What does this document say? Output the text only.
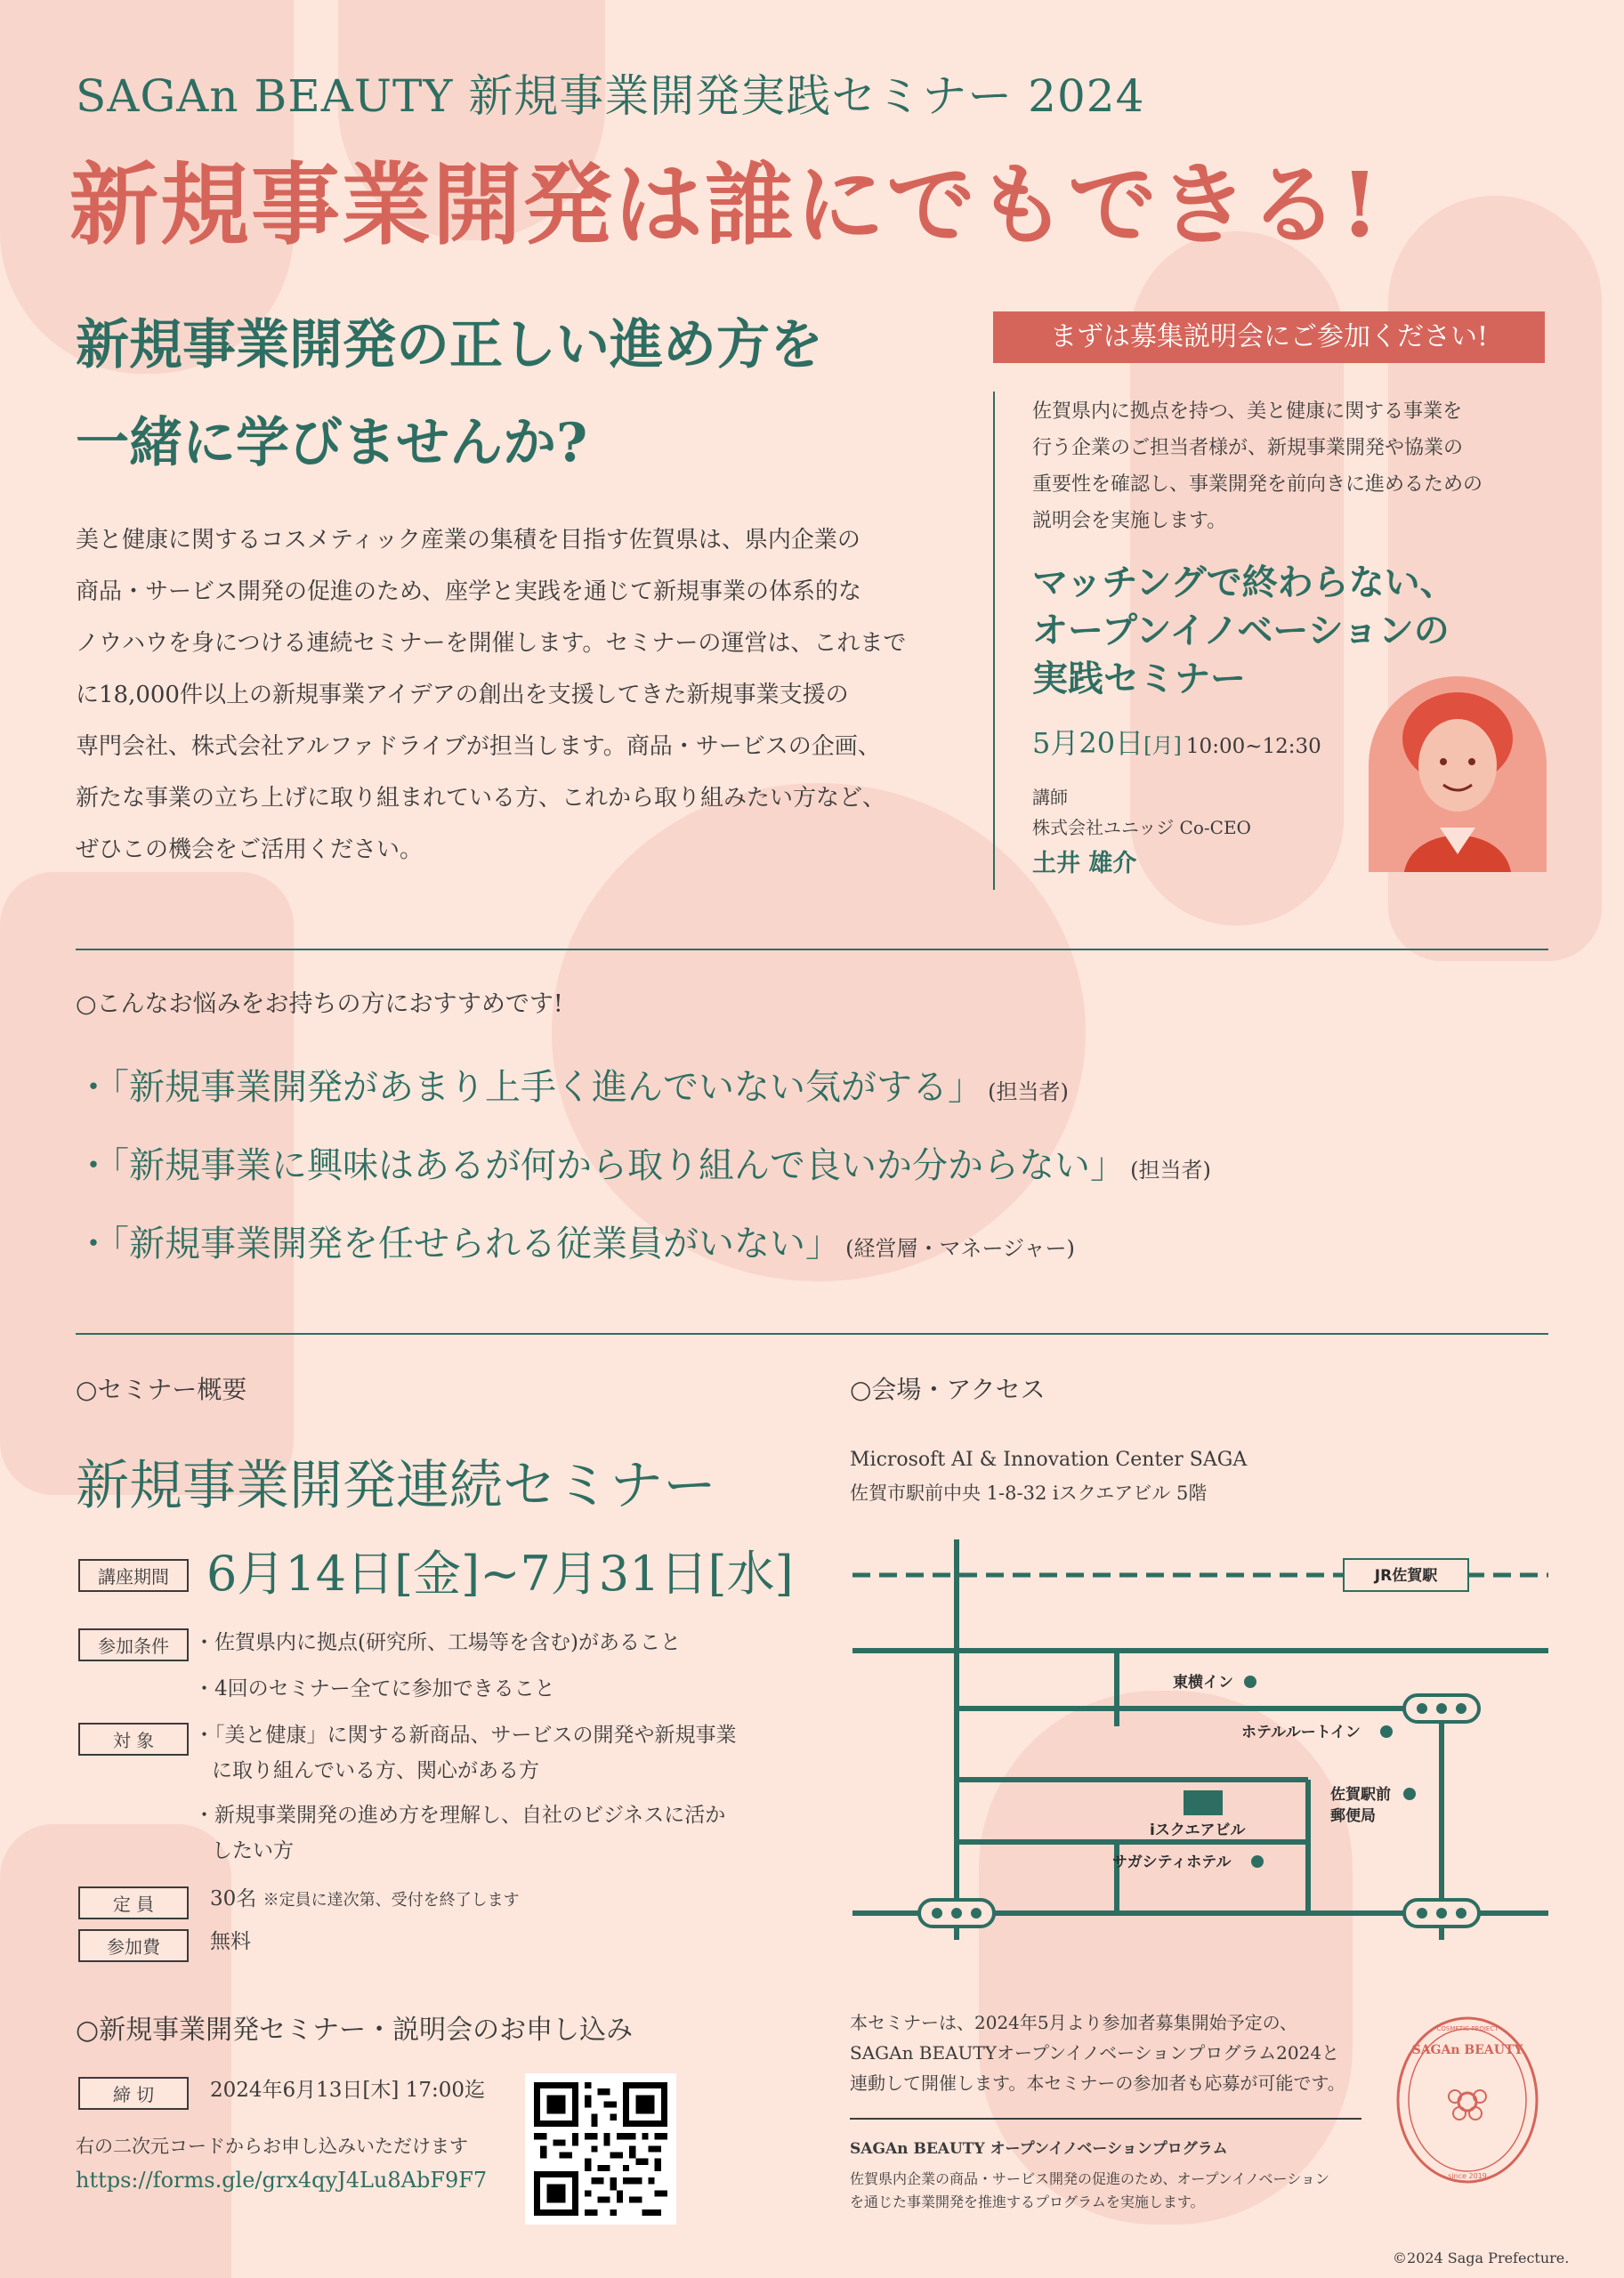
SAGAn BEAUTY 新規事業開発実践セミナー 2024
新規事業開発は誰にでもできる!
新規事業開発の正しい進め方を
一緒に学びませんか?
美と健康に関するコスメティック産業の集積を目指す佐賀県は、県内企業の
商品・サービス開発の促進のため、座学と実践を通じて新規事業の体系的な
ノウハウを身につける連続セミナーを開催します。セミナーの運営は、これまで
に18,000件以上の新規事業アイデアの創出を支援してきた新規事業支援の
専門会社、株式会社アルファドライブが担当します。商品・サービスの企画、
新たな事業の立ち上げに取り組まれている方、これから取り組みたい方など、
ぜひこの機会をご活用ください。
まずは募集説明会にご参加ください!
佐賀県内に拠点を持つ、美と健康に関する事業を
行う企業のご担当者様が、新規事業開発や協業の
重要性を確認し、事業開発を前向きに進めるための
説明会を実施します。
マッチングで終わらない、
オープンイノベーションの
実践セミナー
5月20日[月] 10:00~12:30
講師
株式会社ユニッジ Co-CEO
土井 雄介
○こんなお悩みをお持ちの方におすすめです!
・「新規事業開発があまり上手く進んでいない気がする」 (担当者)
・「新規事業に興味はあるが何から取り組んで良いか分からない」 (担当者)
・「新規事業開発を任せられる従業員がいない」 (経営層・マネージャー)
○セミナー概要
新規事業開発連続セミナー
講座期間 6月14日[金]~7月31日[水]
参加条件	・佐賀県内に拠点(研究所、工場等を含む)があること
・4回のセミナー全てに参加できること
対 象	・「美と健康」に関する新商品、サービスの開発や新規事業
に取り組んでいる方、関心がある方
・新規事業開発の進め方を理解し、自社のビジネスに活か
したい方
定 員	30名 ※定員に達次第、受付を終了します
参加費	無料
○新規事業開発セミナー・説明会のお申し込み
締 切	2024年6月13日[木] 17:00迄
右の二次元コードからお申し込みいただけます
https://forms.gle/grx4qyJ4Lu8AbF9F7
○会場・アクセス
Microsoft AI & Innovation Center SAGA
佐賀市駅前中央 1-8-32 iスクエアビル 5階
JR佐賀駅
東横イン
ホテルルートイン
佐賀駅前
郵便局
iスクエアビル
サガシティホテル
本セミナーは、2024年5月より参加者募集開始予定の、
SAGAn BEAUTYオープンイノベーションプログラム2024と
連動して開催します。本セミナーの参加者も応募が可能です。
SAGAn BEAUTY オープンイノベーションプログラム
佐賀県内企業の商品・サービス開発の促進のため、オープンイノベーション
を通じた事業開発を推進するプログラムを実施します。
COSMETIC PROJECT
since 2019
SAGAn BEAUTY
©2024 Saga Prefecture.
